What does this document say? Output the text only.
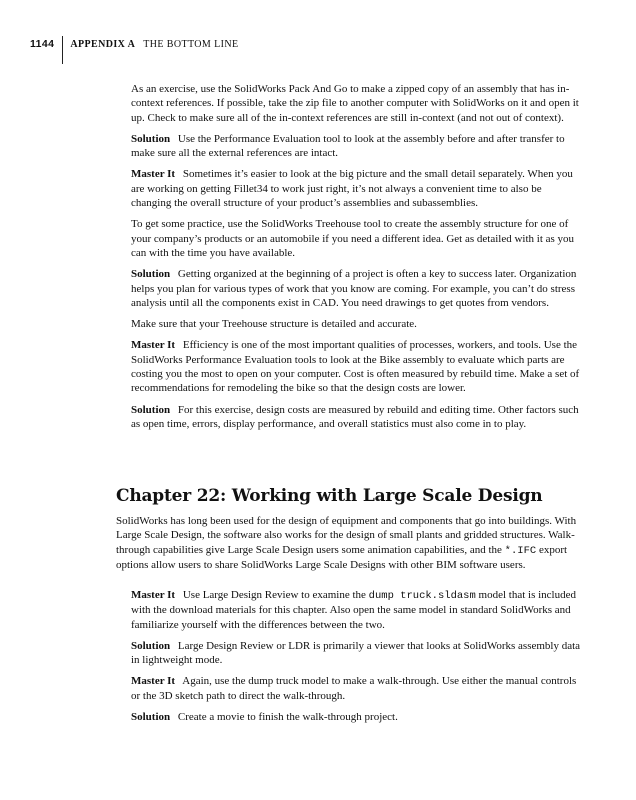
1144 APPENDIX A THE BOTTOM LINE

As an exercise, use the SolidWorks Pack And Go to make a zipped copy of an assembly that has in-context references. If possible, take the zip file to another computer with SolidWorks on it and open it up. Check to make sure all of the in-context references are still in-context (and not out of context).

Solution Use the Performance Evaluation tool to look at the assembly before and after transfer to make sure all the external references are intact.

Master It Sometimes it’s easier to look at the big picture and the small detail separately. When you are working on getting Fillet34 to work just right, it’s not always a convenient time to also be changing the overall structure of your product’s assemblies and subassemblies.

To get some practice, use the SolidWorks Treehouse tool to create the assembly structure for one of your company’s products or an automobile if you need a different idea. Get as detailed with it as you can with the time you have available.

Solution Getting organized at the beginning of a project is often a key to success later. Organization helps you plan for various types of work that you know are coming. For example, you can’t do stress analysis until all the components exist in CAD. You need drawings to get quotes from vendors.

Make sure that your Treehouse structure is detailed and accurate.

Master It Efficiency is one of the most important qualities of processes, workers, and tools. Use the SolidWorks Performance Evaluation tools to look at the Bike assembly to evaluate which parts are costing you the most to open on your computer. Cost is often measured by rebuild time. Make a set of recommendations for remodeling the bike so that the design costs are lower.

Solution For this exercise, design costs are measured by rebuild and editing time. Other factors such as open time, errors, display performance, and overall statistics must also come in to play.

Chapter 22: Working with Large Scale Design

SolidWorks has long been used for the design of equipment and components that go into buildings. With Large Scale Design, the software also works for the design of small plants and gridded structures. Walk-through capabilities give Large Scale Design users some animation capabilities, and the *.IFC export options allow users to share SolidWorks Large Scale Designs with other BIM software users.

Master It Use Large Design Review to examine the dump truck.sldasm model that is included with the download materials for this chapter. Also open the same model in standard SolidWorks and familiarize yourself with the differences between the two.

Solution Large Design Review or LDR is primarily a viewer that looks at SolidWorks assembly data in lightweight mode.

Master It Again, use the dump truck model to make a walk-through. Use either the manual controls or the 3D sketch path to direct the walk-through.

Solution Create a movie to finish the walk-through project.
